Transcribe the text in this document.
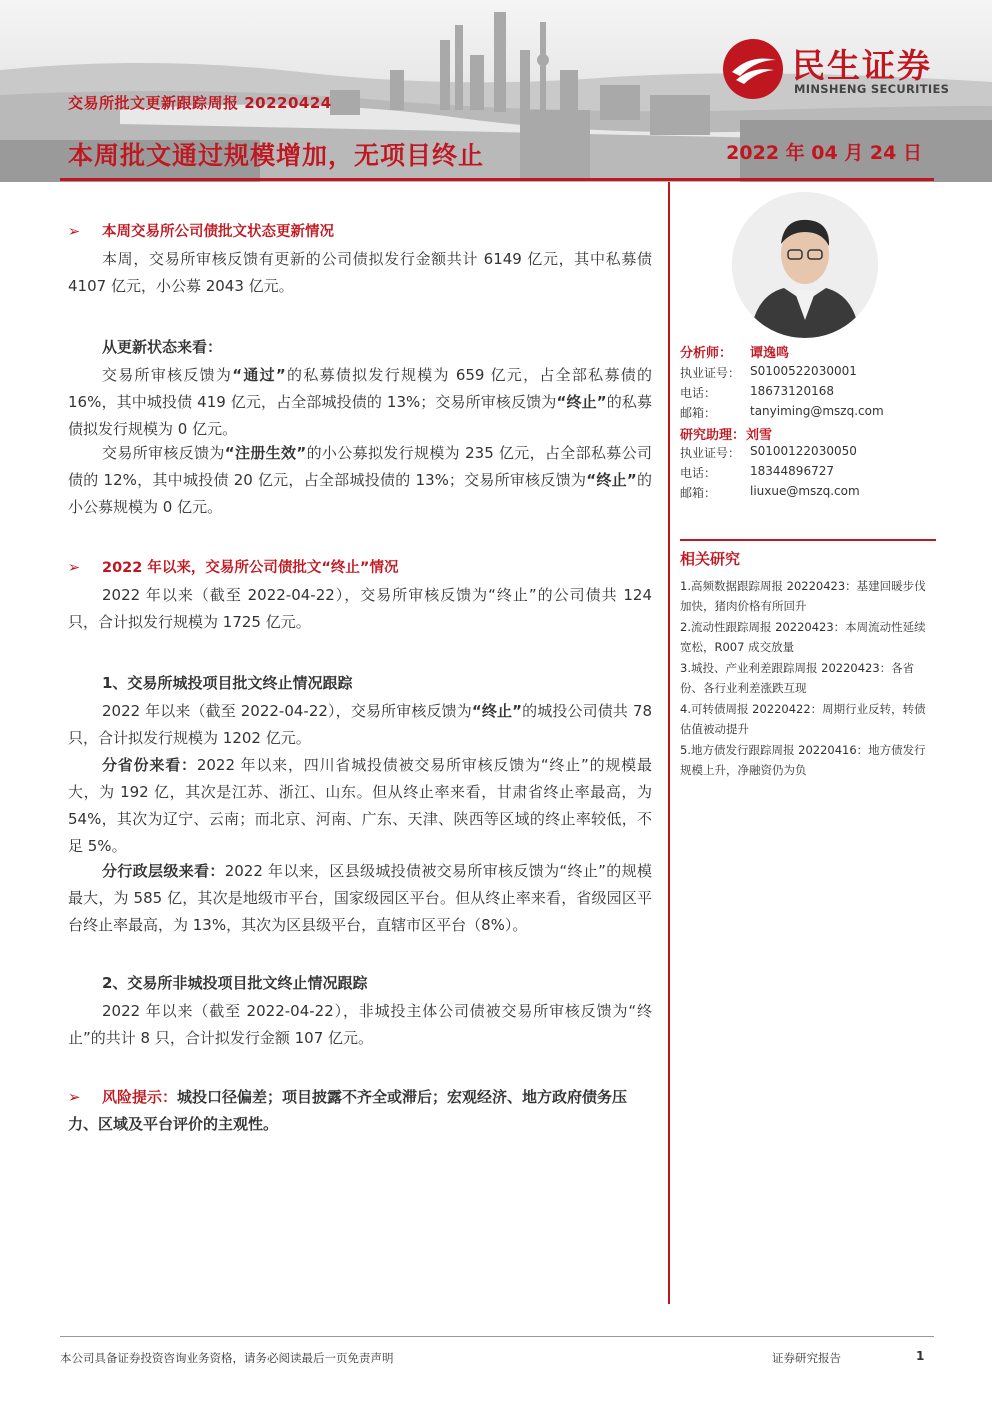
民生证券
MINSHENG SECURITIES
交易所批文更新跟踪周报 20220424
本周批文通过规模增加，无项目终止	2022 年 04 月 24 日
➢ 本周交易所公司债批文状态更新情况
本周，交易所审核反馈有更新的公司债拟发行金额共计 6149 亿元，其中私募债 4107 亿元，小公募 2043 亿元。
从更新状态来看：
交易所审核反馈为“通过”的私募债拟发行规模为 659 亿元，占全部私募债的 16%，其中城投债 419 亿元，占全部城投债的 13%；交易所审核反馈为“终止”的私募债拟发行规模为 0 亿元。
交易所审核反馈为“注册生效”的小公募拟发行规模为 235 亿元，占全部私募公司债的 12%，其中城投债 20 亿元，占全部城投债的 13%；交易所审核反馈为“终止”的小公募规模为 0 亿元。
➢ 2022 年以来，交易所公司债批文“终止”情况
2022 年以来（截至 2022-04-22），交易所审核反馈为“终止”的公司债共 124 只，合计拟发行规模为 1725 亿元。
1、交易所城投项目批文终止情况跟踪
2022 年以来（截至 2022-04-22），交易所审核反馈为“终止”的城投公司债共 78 只，合计拟发行规模为 1202 亿元。
分省份来看：2022 年以来，四川省城投债被交易所审核反馈为“终止”的规模最大，为 192 亿，其次是江苏、浙江、山东。但从终止率来看，甘肃省终止率最高，为 54%，其次为辽宁、云南；而北京、河南、广东、天津、陕西等区域的终止率较低，不足 5%。
分行政层级来看：2022 年以来，区县级城投债被交易所审核反馈为“终止”的规模最大，为 585 亿，其次是地级市平台，国家级园区平台。但从终止率来看，省级园区平台终止率最高，为 13%，其次为区县级平台，直辖市区平台（8%）。
2、交易所非城投项目批文终止情况跟踪
2022 年以来（截至 2022-04-22），非城投主体公司债被交易所审核反馈为“终止”的共计 8 只，合计拟发行金额 107 亿元。
➢ 风险提示：城投口径偏差；项目披露不齐全或滞后；宏观经济、地方政府债务压力、区域及平台评价的主观性。
分析师： 谭逸鸣
执业证号： S0100522030001
电话：	18673120168
邮箱：	tanyiming@mszq.com
研究助理： 刘雪
执业证号： S0100122030050
电话：	18344896727
邮箱：	liuxue@mszq.com
相关研究
1.高频数据跟踪周报 20220423：基建回暖步伐加快，猪肉价格有所回升
2.流动性跟踪周报 20220423：本周流动性延续宽松，R007 成交放量
3.城投、产业利差跟踪周报 20220423：各省份、各行业利差涨跌互现
4.可转债周报 20220422：周期行业反转，转债估值被动提升
5.地方债发行跟踪周报 20220416：地方债发行规模上升，净融资仍为负
本公司具备证券投资咨询业务资格，请务必阅读最后一页免责声明	证券研究报告	1
